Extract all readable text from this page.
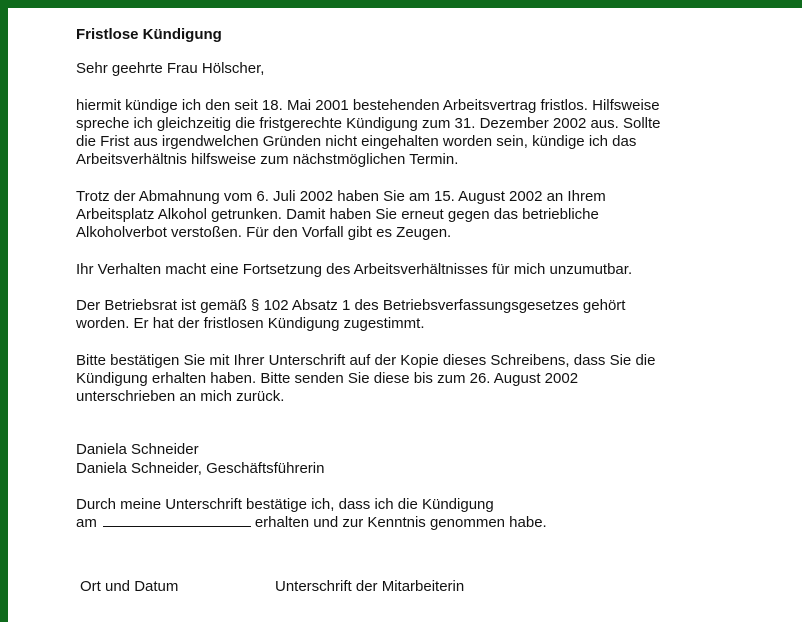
Fristlose Kündigung

Sehr geehrte Frau Hölscher,

hiermit kündige ich den seit 18. Mai 2001 bestehenden Arbeitsvertrag fristlos. Hilfsweise
spreche ich gleichzeitig die fristgerechte Kündigung zum 31. Dezember 2002 aus. Sollte
die Frist aus irgendwelchen Gründen nicht eingehalten worden sein, kündige ich das
Arbeitsverhältnis hilfsweise zum nächstmöglichen Termin.

Trotz der Abmahnung vom 6. Juli 2002 haben Sie am 15. August 2002 an Ihrem
Arbeitsplatz Alkohol getrunken. Damit haben Sie erneut gegen das betriebliche
Alkoholverbot verstoßen. Für den Vorfall gibt es Zeugen.

Ihr Verhalten macht eine Fortsetzung des Arbeitsverhältnisses für mich unzumutbar.

Der Betriebsrat ist gemäß § 102 Absatz 1 des Betriebsverfassungsgesetzes gehört
worden. Er hat der fristlosen Kündigung zugestimmt.

Bitte bestätigen Sie mit Ihrer Unterschrift auf der Kopie dieses Schreibens, dass Sie die
Kündigung erhalten haben. Bitte senden Sie diese bis zum 26. August 2002
unterschrieben an mich zurück.

Daniela Schneider
Daniela Schneider, Geschäftsführerin

Durch meine Unterschrift bestätige ich, dass ich die Kündigung
am	erhalten und zur Kenntnis genommen habe.

Ort und Datum	Unterschrift der Mitarbeiterin
